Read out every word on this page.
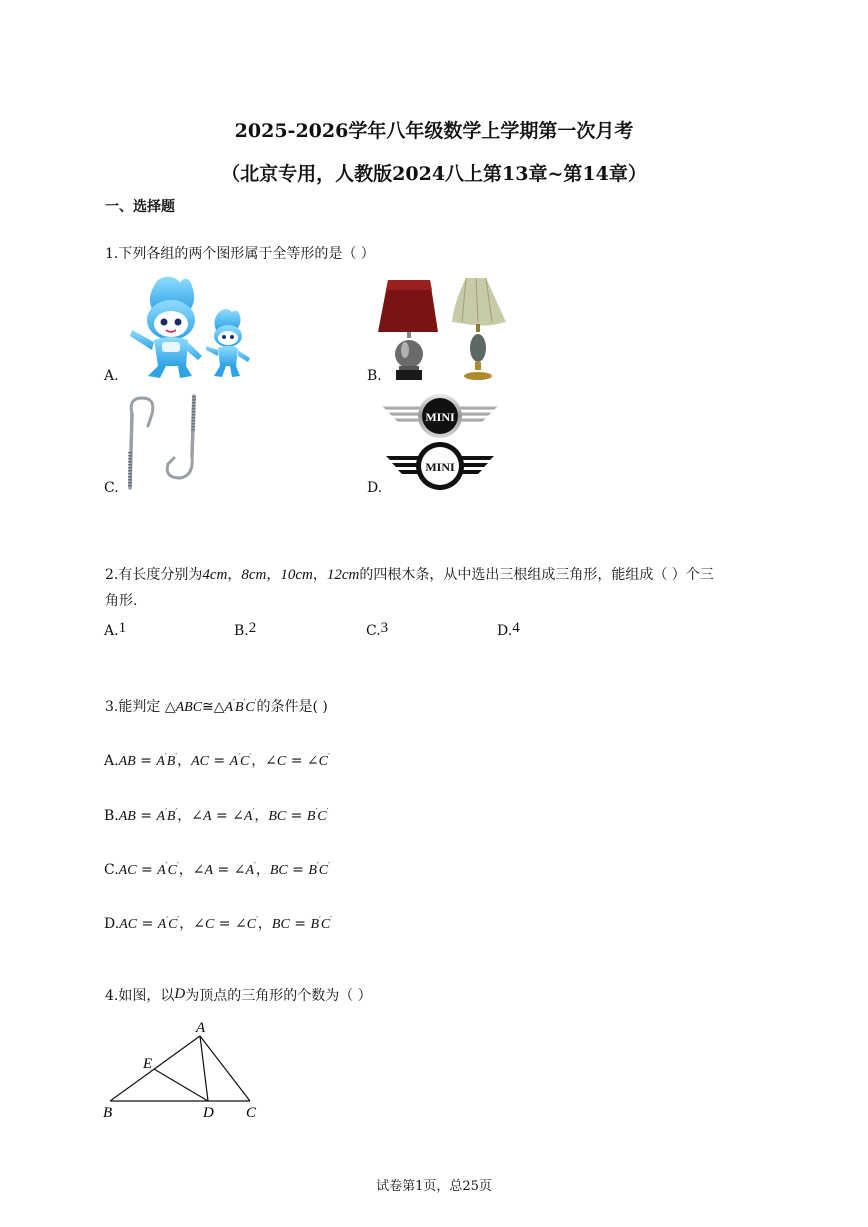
2025-2026学年八年级数学上学期第一次月考
（北京专用，人教版2024八上第13章~第14章）
一、选择题
1.下列各组的两个图形属于全等形的是（ ）
A.	B.
C.
MINI
MINI
D.
2.有长度分别为4cm，8cm，10cm，12cm的四根木条，从中选出三根组成三角形，能组成（ ）个三
角形.
A.1	B.2	C.3	D.4
3.能判定 △ABC≅△A′B′C′的条件是( )
A.AB = A′B′，AC = A′C′，∠C = ∠C′
B.AB = A′B′，∠A = ∠A′，BC = B′C′
C.AC = A′C′，∠A = ∠A′，BC = B′C′
D.AC = A′C′，∠C = ∠C′，BC = B′C′
4.如图，以D为顶点的三角形的个数为（ ）
A
E
B	D C
试卷第1页，总25页
